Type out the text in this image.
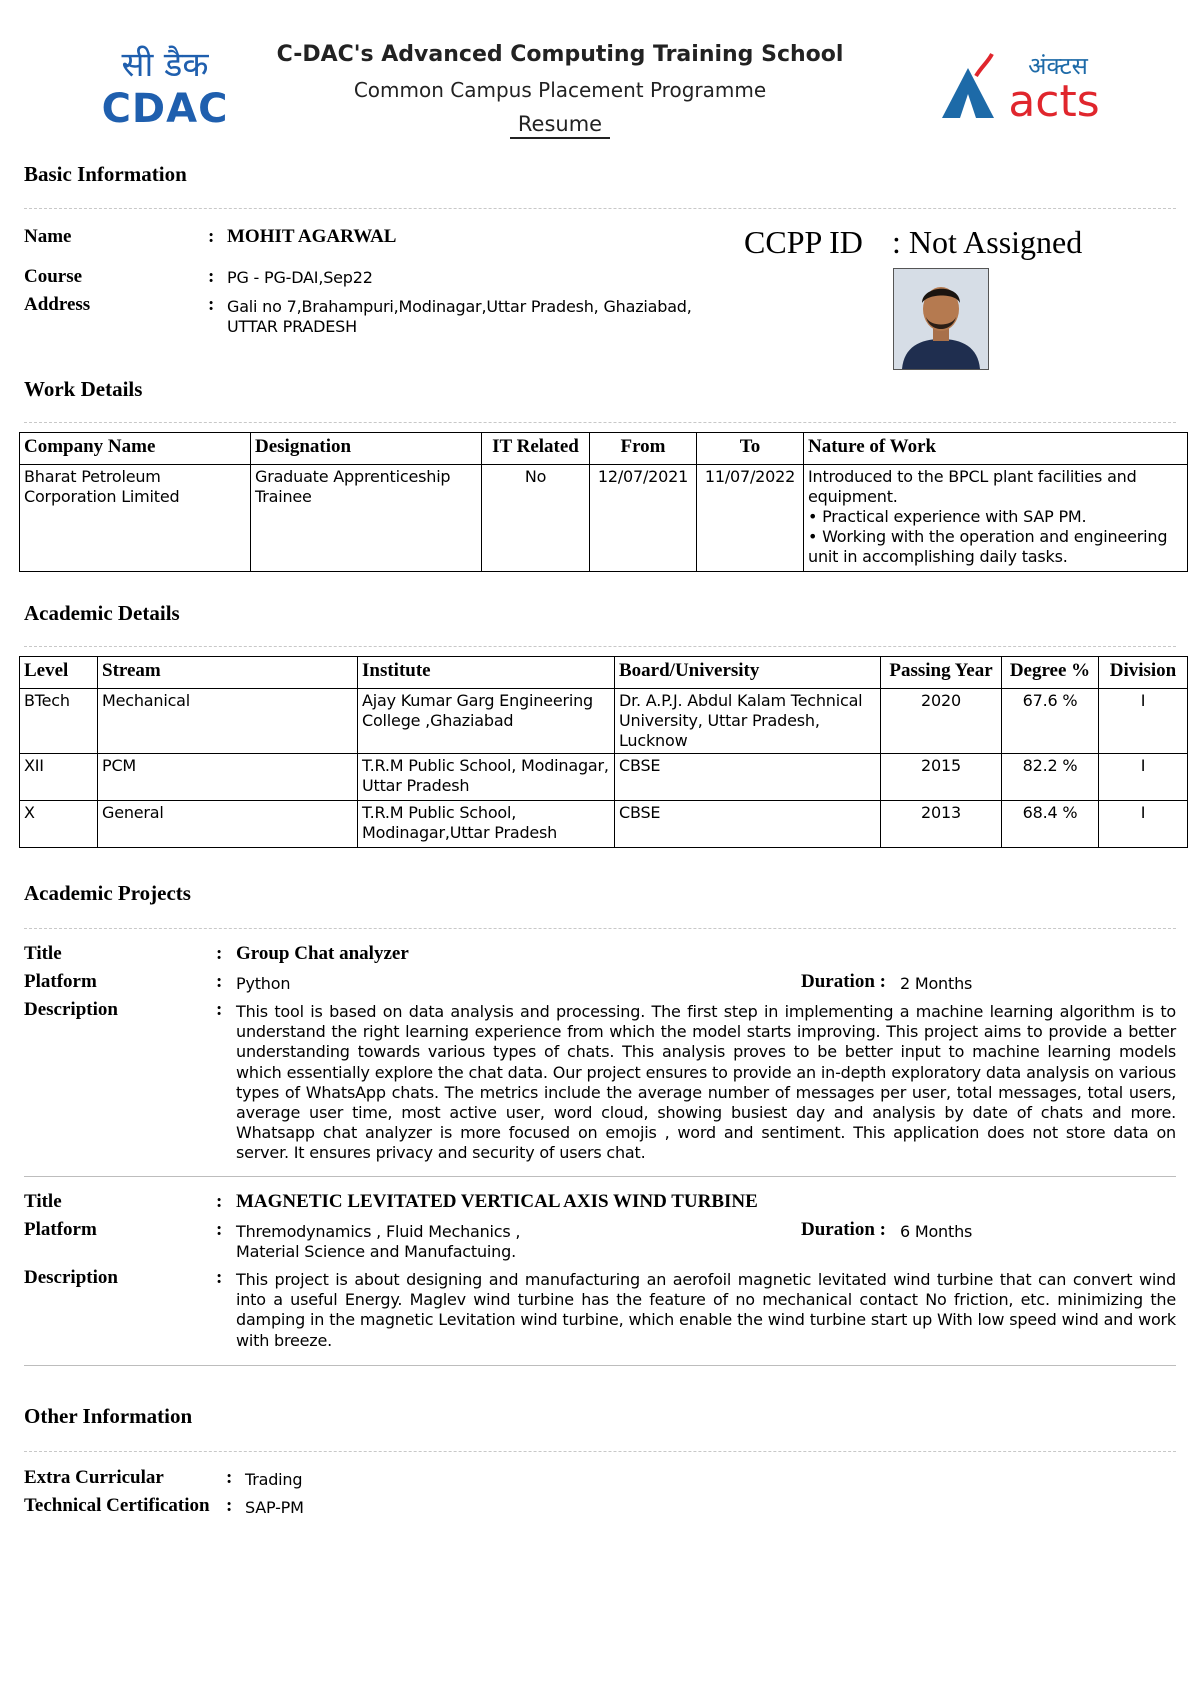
सी डैक
CDAC
C-DAC's Advanced Computing Training School
Common Campus Placement Programme
Resume
अंक्टस
acts
Basic Information
Name	: MOHIT AGARWAL
Course	: PG - PG-DAI,Sep22
Address	: Gali no 7,Brahampuri,Modinagar,Uttar Pradesh, Ghaziabad,
UTTAR PRADESH
CCPP ID : Not Assigned
Work Details
Company Name	Designation	IT Related	From	To	Nature of Work
Bharat Petroleum Corporation Limited	Graduate Apprenticeship Trainee	No	12/07/2021	11/07/2022	Introduced to the BPCL plant facilities and equipment.
• Practical experience with SAP PM.
• Working with the operation and engineering unit in accomplishing daily tasks.
Academic Details
Level	Stream	Institute	Board/University	Passing Year	Degree %	Division
BTech	Mechanical	Ajay Kumar Garg Engineering College ,Ghaziabad	Dr. A.P.J. Abdul Kalam Technical University, Uttar Pradesh, Lucknow	2020	67.6 %	I
XII	PCM	T.R.M Public School, Modinagar, Uttar Pradesh	CBSE	2015	82.2 %	I
X	General	T.R.M Public School, Modinagar,Uttar Pradesh	CBSE	2013	68.4 %	I
Academic Projects
Title	: Group Chat analyzer
Platform	: Python	Duration : 2 Months
Description	: This tool is based on data analysis and processing. The first step in implementing a machine learning algorithm is to understand the right learning experience from which the model starts improving. This project aims to provide a better understanding towards various types of chats. This analysis proves to be better input to machine learning models which essentially explore the chat data. Our project ensures to provide an in-depth exploratory data analysis on various types of WhatsApp chats. The metrics include the average number of messages per user, total messages, total users, average user time, most active user, word cloud, showing busiest day and analysis by date of chats and more. Whatsapp chat analyzer is more focused on emojis , word and sentiment. This application does not store data on server. It ensures privacy and security of users chat.
Title	: MAGNETIC LEVITATED VERTICAL AXIS WIND TURBINE
Platform	: Thremodynamics , Fluid Mechanics , Material Science and Manufactuing.
Duration : 6 Months
Description	: This project is about designing and manufacturing an aerofoil magnetic levitated wind turbine that can convert wind into a useful Energy. Maglev wind turbine has the feature of no mechanical contact No friction, etc. minimizing the damping in the magnetic Levitation wind turbine, which enable the wind turbine start up With low speed wind and work with breeze.
Other Information
Extra Curricular	: Trading
Technical Certification : SAP-PM
